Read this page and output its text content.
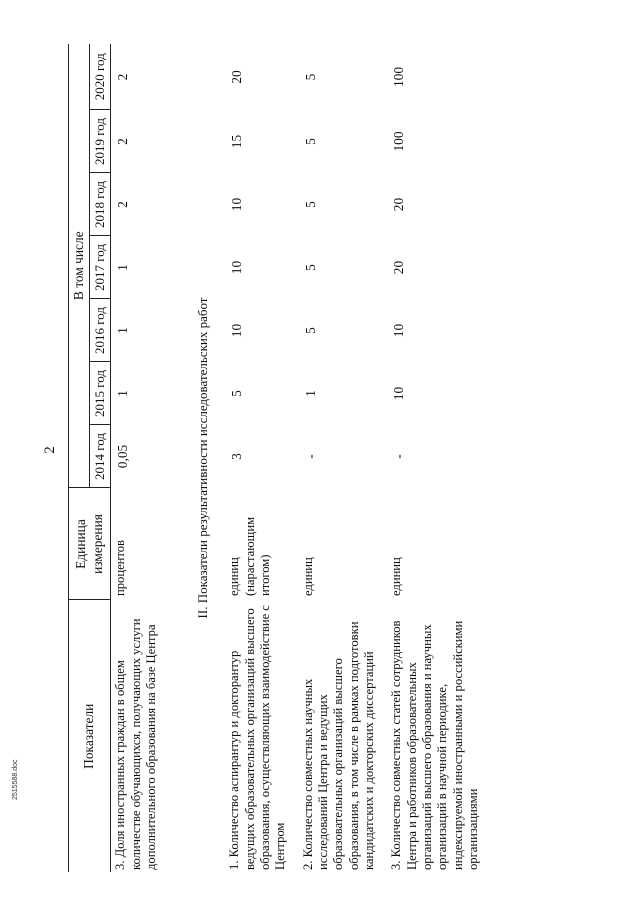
2
2515588.doc
Показатели	Единица измерения	В том числе						
		2014 год	2015 год	2016 год	2017 год	2018 год	2019 год	2020 год
3. Доля иностранных граждан в общем количестве обучающихся, получающих услуги дополнительного образования на базе Центра	процентов	0,05	1	1	1	2	2	2
II. Показатели результативности исследовательских работ								
1. Количество аспирантур и докторантур ведущих образовательных организаций высшего образования, осуществляющих взаимодействие с Центром	единиц (нарастающим итогом)	3	5	10	10	10	15	20
2. Количество совместных научных исследований Центра и ведущих образовательных организаций высшего образования, в том числе в рамках подготовки кандидатских и докторских диссертаций	единиц	-	1	5	5	5	5	5
3. Количество совместных статей сотрудников Центра и работников образовательных организаций высшего образования и научных организаций в научной периодике, индексируемой иностранными и российскими организациями	единиц	-	10	10	20	20	100	100
